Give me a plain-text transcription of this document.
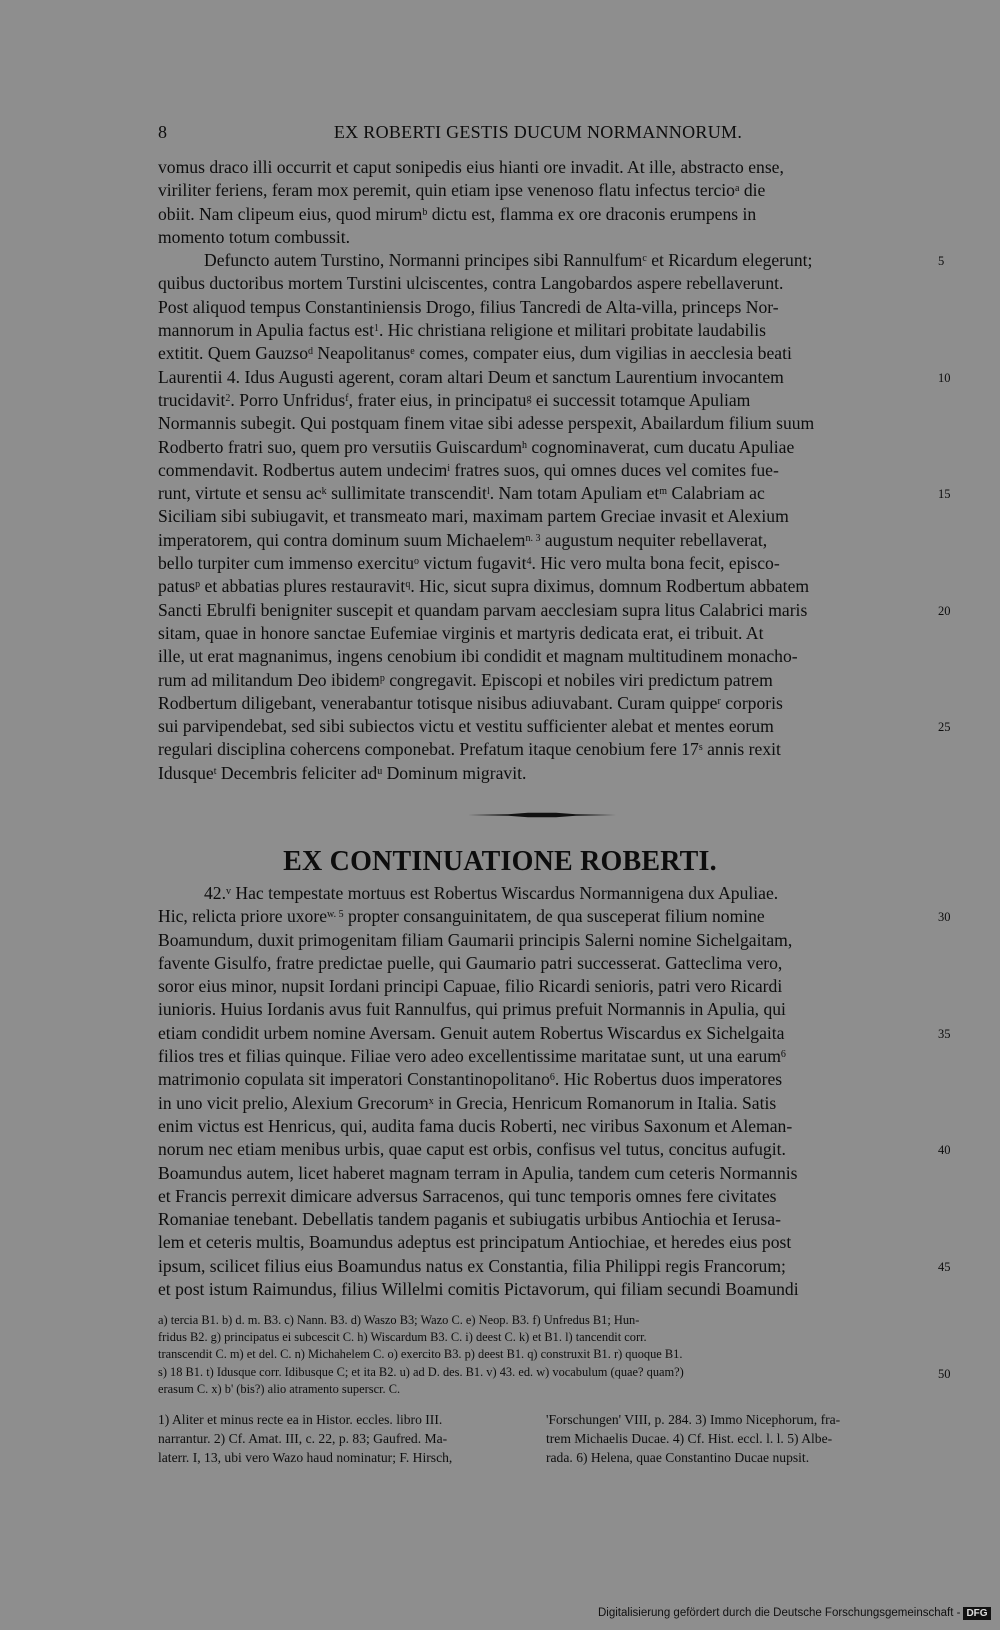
8	EX ROBERTI GESTIS DUCUM NORMANNORUM.
vomus draco illi occurrit et caput sonipedis eius hianti ore invadit. At ille, abstracto ense,
viriliter feriens, feram mox peremit, quin etiam ipse venenoso flatu infectus tercio$^a$ die
obiit. Nam clipeum eius, quod mirum$^b$ dictu est, flamma ex ore draconis erumpens in
momento totum combussit.
Defuncto autem Turstino, Normanni principes sibi Rannulfum$^c$ et Ricardum elegerunt;	5
quibus ductoribus mortem Turstini ulciscentes, contra Langobardos aspere rebellaverunt.
Post aliquod tempus Constantiniensis Drogo, filius Tancredi de Alta-villa, princeps Nor-
mannorum in Apulia factus est$^1$. Hic christiana religione et militari probitate laudabilis
extitit. Quem Gauzso$^d$ Neapolitanus$^e$ comes, compater eius, dum vigilias in aecclesia beati
Laurentii 4. Idus Augusti agerent, coram altari Deum et sanctum Laurentium invocantem	10
trucidavit$^2$. Porro Unfridus$^f$, frater eius, in principatu$^g$ ei successit totamque Apuliam
Normannis subegit. Qui postquam finem vitae sibi adesse perspexit, Abailardum filium suum
Rodberto fratri suo, quem pro versutiis Guiscardum$^h$ cognominaverat, cum ducatu Apuliae
commendavit. Rodbertus autem undecim$^i$ fratres suos, qui omnes duces vel comites fue-
runt, virtute et sensu $ac^k$ sullimitate transcendit$^l$. Nam totam Apuliam $et^m$ Calabriam ac	15
Siciliam sibi subiugavit, et transmeato mari, maximam partem Greciae invasit et Alexium
imperatorem, qui contra dominum suum Michaelem$^{n. 3}$ augustum nequiter rebellaverat,
bello turpiter cum immenso exercitu$^o$ victum fugavit$^4$. Hic vero multa bona fecit, episco-
patus$^p$ et abbatias plures restauravit$^q$. Hic, sicut supra diximus, domnum Rodbertum abbatem
Sancti Ebrulfi benigniter suscepit et quandam parvam aecclesiam supra litus Calabrici maris	20
sitam, quae in honore sanctae Eufemiae virginis et martyris dedicata erat, ei tribuit. At
ille, ut erat magnanimus, ingens cenobium ibi condidit et magnam multitudinem monacho-
rum ad militandum Deo ibidem$^p$ congregavit. Episcopi et nobiles viri predictum patrem
Rodbertum diligebant, venerabantur totisque nisibus adiuvabant. Curam quippe$^r$ corporis
sui parvipendebat, sed sibi subiectos victu et vestitu sufficienter alebat et mentes eorum	25
regulari disciplina cohercens componebat. Prefatum itaque cenobium fere 17$^s$ annis rexit
Idusque$^t$ Decembris feliciter $ad^u$ Dominum migravit.
EX CONTINUATIONE ROBERTI.
42.$^v$ Hac tempestate mortuus est Robertus Wiscardus Normannigena dux Apuliae.
Hic, relicta priore uxore$^{w. 5}$ propter consanguinitatem, de qua susceperat filium nomine	30
Boamundum, duxit primogenitam filiam Gaumarii principis Salerni nomine Sichelgaitam,
favente Gisulfo, fratre predictae puelle, qui Gaumario patri successerat. Gatteclima vero,
soror eius minor, nupsit Iordani principi Capuae, filio Ricardi senioris, patri vero Ricardi
iunioris. Huius Iordanis avus fuit Rannulfus, qui primus prefuit Normannis in Apulia, qui
etiam condidit urbem nomine Aversam. Genuit autem Robertus Wiscardus ex Sichelgaita	35
filios tres et filias quinque. Filiae vero adeo excellentissime maritatae sunt, ut una earum$^6$
matrimonio copulata sit imperatori Constantinopolitano$^6$. Hic Robertus duos imperatores
in uno vicit prelio, Alexium Grecorum$^x$ in Grecia, Henricum Romanorum in Italia. Satis
enim victus est Henricus, qui, audita fama ducis Roberti, nec viribus Saxonum et Aleman-
norum nec etiam menibus urbis, quae caput est orbis, confisus vel tutus, concitus aufugit.	40
Boamundus autem, licet haberet magnam terram in Apulia, tandem cum ceteris Normannis
et Francis perrexit dimicare adversus Sarracenos, qui tunc temporis omnes fere civitates
Romaniae tenebant. Debellatis tandem paganis et subiugatis urbibus Antiochia et Ierusa-
lem et ceteris multis, Boamundus adeptus est principatum Antiochiae, et heredes eius post
ipsum, scilicet filius eius Boamundus natus ex Constantia, filia Philippi regis Francorum;	45
et post istum Raimundus, filius Willelmi comitis Pictavorum, qui filiam secundi Boamundi
a) tercia B1. b) d. m. B3. c) Nann. B3. d) Waszo B3; Wazo C. e) Neop. B3. f) Unfredus B1; Hun-
fridus B2. g) principatus ei subcescit C. h) Wiscardum B3. C. i) deest C. k) et B1. l) tancendit corr.
transcendit C. m) et del. C. n) Michahelem C. o) exercito B3. p) deest B1. q) construxit B1. r) quoque B1.
s) 18 B1. t) Idusque corr. Idibusque C; et ita B2. u) ad D. des. B1. v) 43. ed. w) vocabulum (quae? quam?)	50
erasum C. x) b' (bis?) alio atramento superscr. C.
1) Aliter et minus recte ea in Histor. eccles. libro III.	'Forschungen' VIII, p. 284. 3) Immo Nicephorum, fra-
narrantur. 2) Cf. Amat. III, c. 22, p. 83; Gaufred. Ma-	trem Michaelis Ducae. 4) Cf. Hist. eccl. l. l. 5) Albe-
laterr. I, 13, ubi vero Wazo haud nominatur; F. Hirsch,	rada. 6) Helena, quae Constantino Ducae nupsit.
Digitalisierung gefördert durch die Deutsche Forschungsgemeinschaft - DFG
